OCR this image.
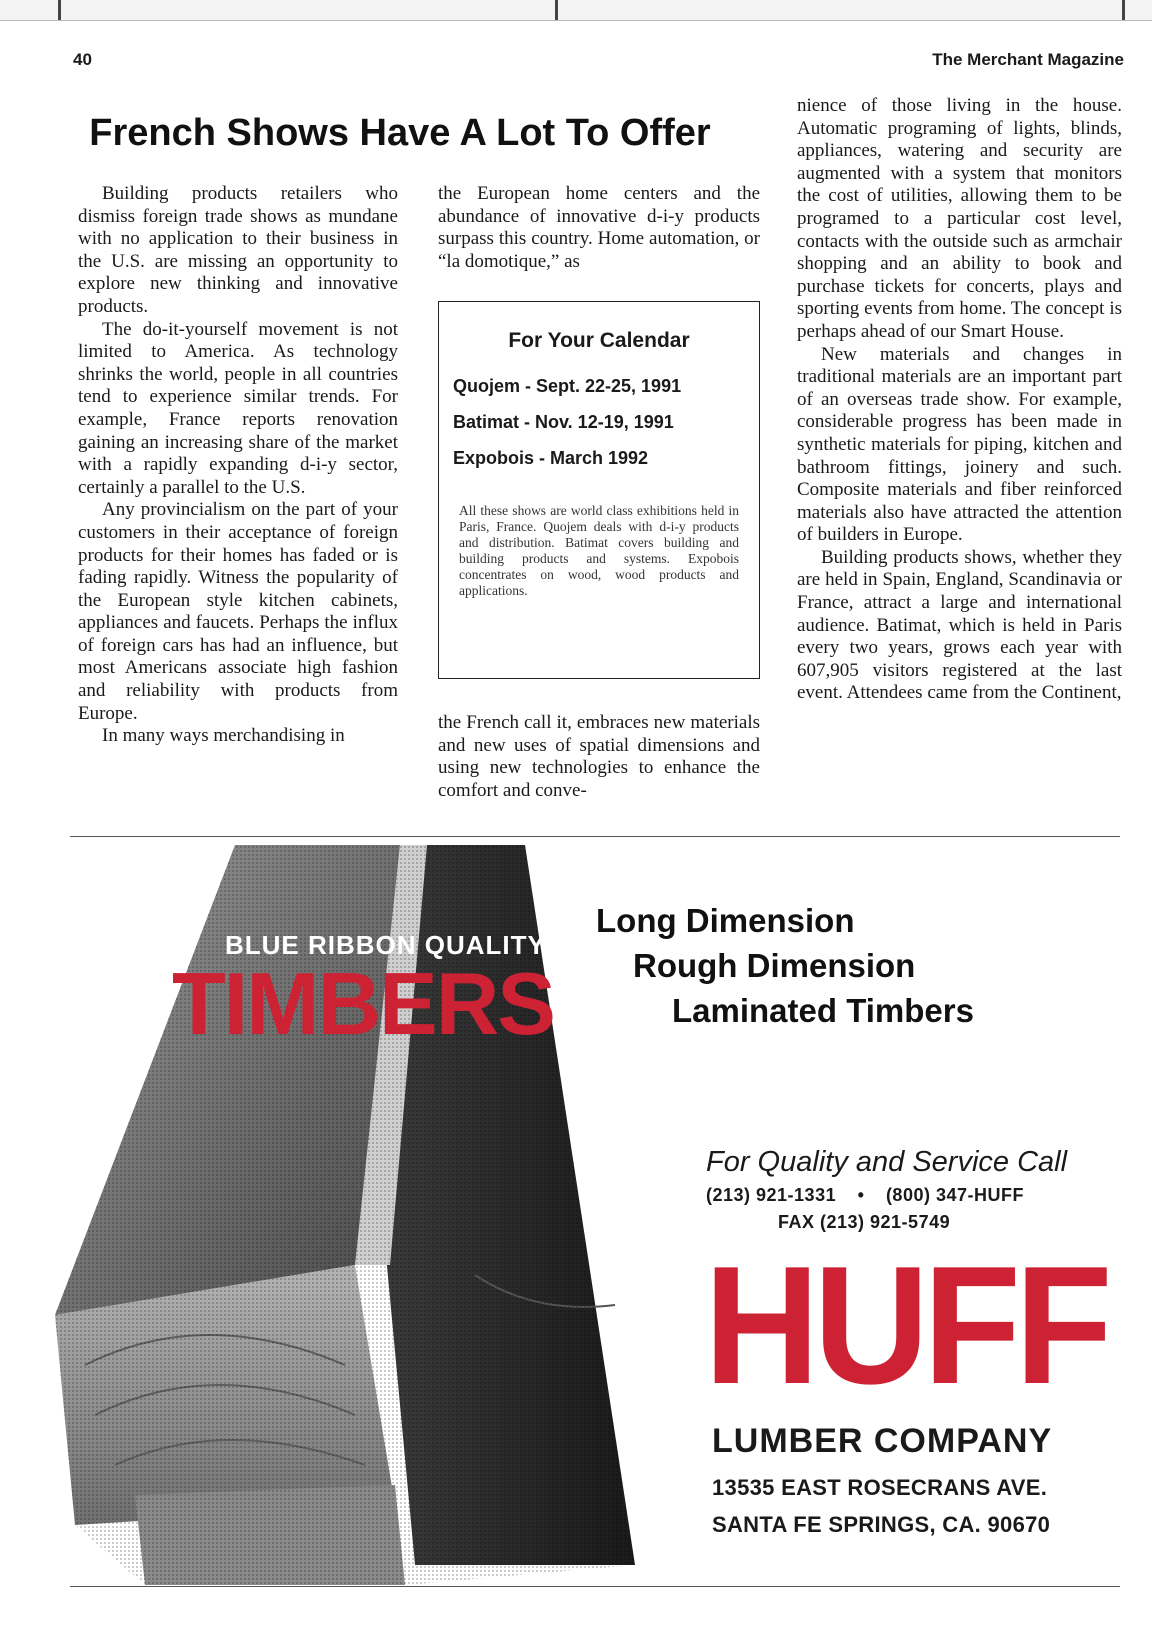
40	The Merchant Magazine
French Shows Have A Lot To Offer

Building products retailers who dismiss foreign trade shows as mundane with no application to their business in the U.S. are missing an opportunity to explore new thinking and innovative products.

The do-it-yourself movement is not limited to America. As technology shrinks the world, people in all countries tend to experience similar trends. For example, France reports renovation gaining an increasing share of the market with a rapidly expanding d-i-y sector, certainly a parallel to the U.S.

Any provincialism on the part of your customers in their acceptance of foreign products for their homes has faded or is fading rapidly. Witness the popularity of the European style kitchen cabinets, appliances and faucets. Perhaps the influx of foreign cars has had an influence, but most Americans associate high fashion and reliability with products from Europe.

In many ways merchandising in

the European home centers and the abundance of innovative d-i-y products surpass this country. Home automation, or “la domotique,” as

For Your Calendar
Quojem - Sept. 22-25, 1991
Batimat - Nov. 12-19, 1991
Expobois - March 1992
All these shows are world class exhibitions held in Paris, France. Quojem deals with d-i-y products and distribution. Batimat covers building and building products and systems. Expobois concentrates on wood, wood products and applications.

the French call it, embraces new materials and new uses of spatial dimensions and using new technologies to enhance the comfort and conve-

nience of those living in the house. Automatic programing of lights, blinds, appliances, watering and security are augmented with a system that monitors the cost of utilities, allowing them to be programed to a particular cost level, contacts with the outside such as armchair shopping and an ability to book and purchase tickets for concerts, plays and sporting events from home. The concept is perhaps ahead of our Smart House.

New materials and changes in traditional materials are an important part of an overseas trade show. For example, considerable progress has been made in synthetic materials for piping, kitchen and bathroom fittings, joinery and such. Composite materials and fiber reinforced materials also have attracted the attention of builders in Europe.

Building products shows, whether they are held in Spain, England, Scandinavia or France, attract a large and international audience. Batimat, which is held in Paris every two years, grows each year with 607,905 visitors registered at the last event. Attendees came from the Continent,

BLUE RIBBON QUALITY
TIMBERS
Long Dimension
Rough Dimension
Laminated Timbers
For Quality and Service Call
(213) 921-1331 • (800) 347-HUFF
FAX (213) 921-5749
HUFF
LUMBER COMPANY
13535 EAST ROSECRANS AVE.
SANTA FE SPRINGS, CA. 90670
